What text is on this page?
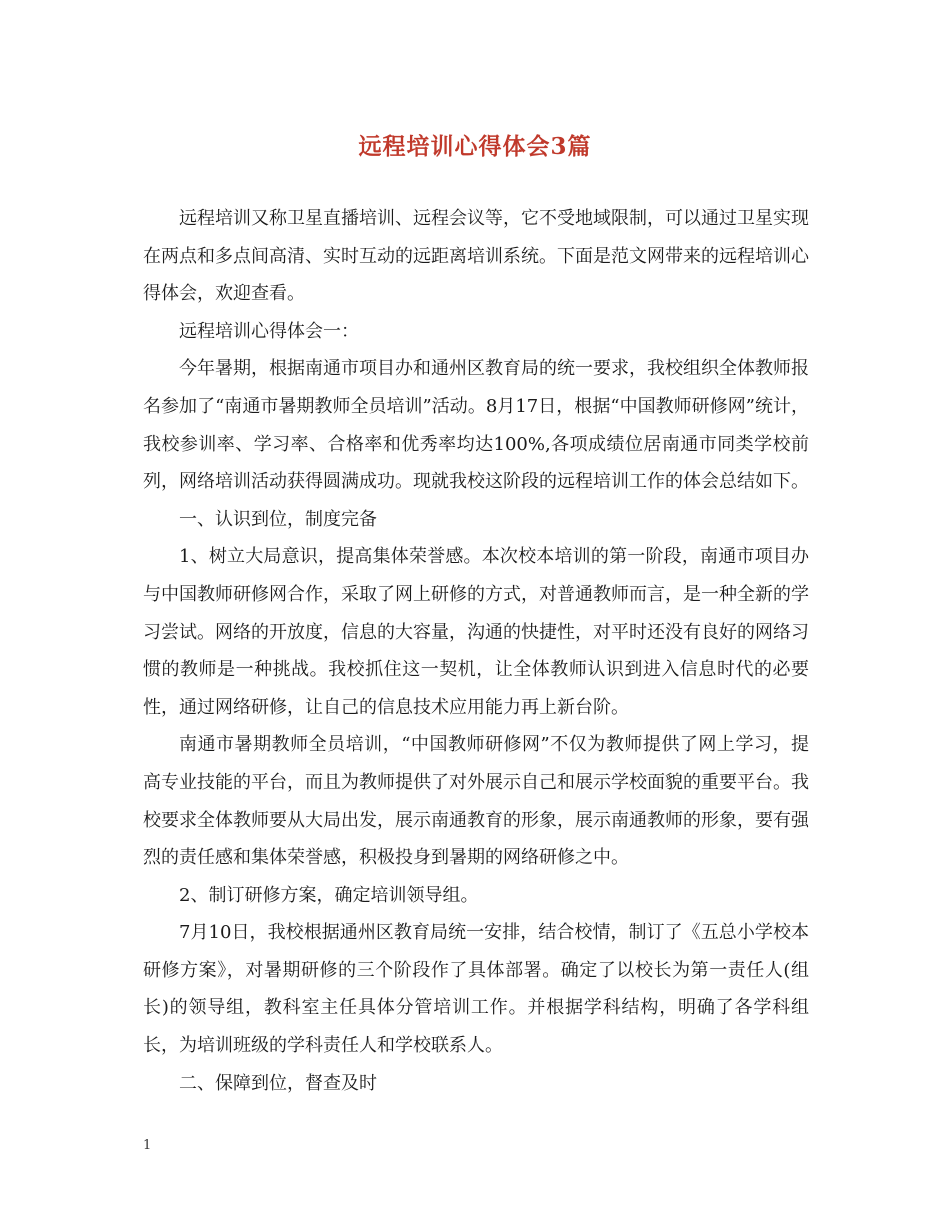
远程培训心得体会3篇

远程培训又称卫星直播培训、远程会议等，它不受地域限制，可以通过卫星实现在两点和多点间高清、实时互动的远距离培训系统。下面是范文网带来的远程培训心得体会，欢迎查看。

远程培训心得体会一：

今年暑期，根据南通市项目办和通州区教育局的统一要求，我校组织全体教师报名参加了“南通市暑期教师全员培训”活动。8月17日，根据“中国教师研修网”统计，我校参训率、学习率、合格率和优秀率均达100%,各项成绩位居南通市同类学校前列，网络培训活动获得圆满成功。现就我校这阶段的远程培训工作的体会总结如下。

一、认识到位，制度完备

1、树立大局意识，提高集体荣誉感。本次校本培训的第一阶段，南通市项目办与中国教师研修网合作，采取了网上研修的方式，对普通教师而言，是一种全新的学习尝试。网络的开放度，信息的大容量，沟通的快捷性，对平时还没有良好的网络习惯的教师是一种挑战。我校抓住这一契机，让全体教师认识到进入信息时代的必要性，通过网络研修，让自己的信息技术应用能力再上新台阶。

南通市暑期教师全员培训，“中国教师研修网”不仅为教师提供了网上学习，提高专业技能的平台，而且为教师提供了对外展示自己和展示学校面貌的重要平台。我校要求全体教师要从大局出发，展示南通教育的形象，展示南通教师的形象，要有强烈的责任感和集体荣誉感，积极投身到暑期的网络研修之中。

2、制订研修方案，确定培训领导组。

7月10日，我校根据通州区教育局统一安排，结合校情，制订了《五总小学校本研修方案》，对暑期研修的三个阶段作了具体部署。确定了以校长为第一责任人(组长)的领导组，教科室主任具体分管培训工作。并根据学科结构，明确了各学科组长，为培训班级的学科责任人和学校联系人。

二、保障到位，督查及时

1
